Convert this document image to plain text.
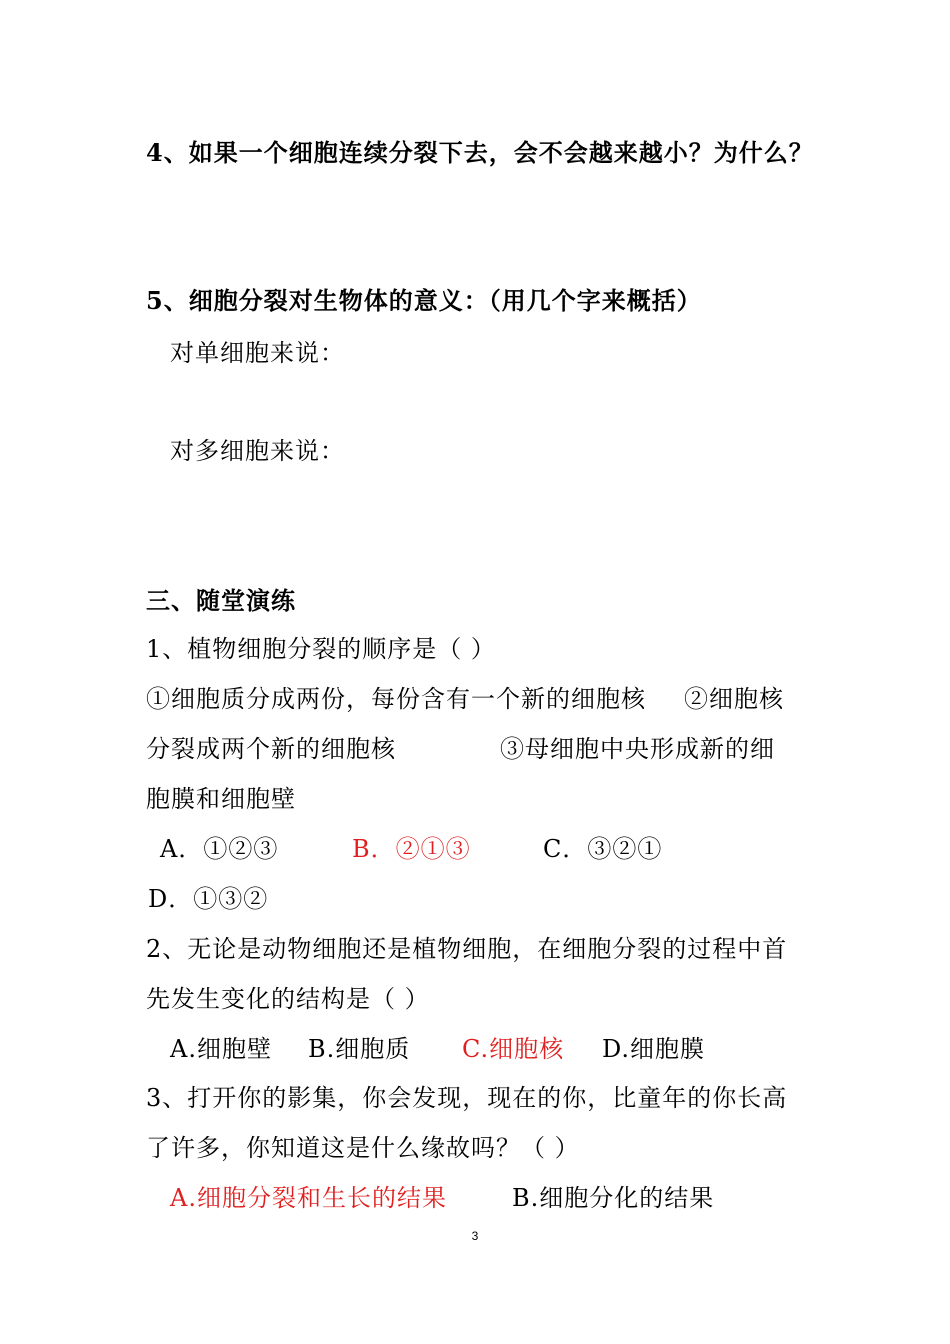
4、如果一个细胞连续分裂下去，会不会越来越小？为什么？
5、细胞分裂对生物体的意义：（用几个字来概括）
对单细胞来说：
对多细胞来说：
三、随堂演练
1、植物细胞分裂的顺序是（ ）
①细胞质分成两份，每份含有一个新的细胞核 ②细胞核
分裂成两个新的细胞核	③母细胞中央形成新的细
胞膜和细胞壁
A．①②③	B．②①③	C．③②①
D．①③②
2、无论是动物细胞还是植物细胞，在细胞分裂的过程中首
先发生变化的结构是（ ）
A.细胞壁 B.细胞质 C.细胞核 D.细胞膜
3、打开你的影集，你会发现，现在的你，比童年的你长高
了许多，你知道这是什么缘故吗？（ ）
A.细胞分裂和生长的结果	B.细胞分化的结果
3
